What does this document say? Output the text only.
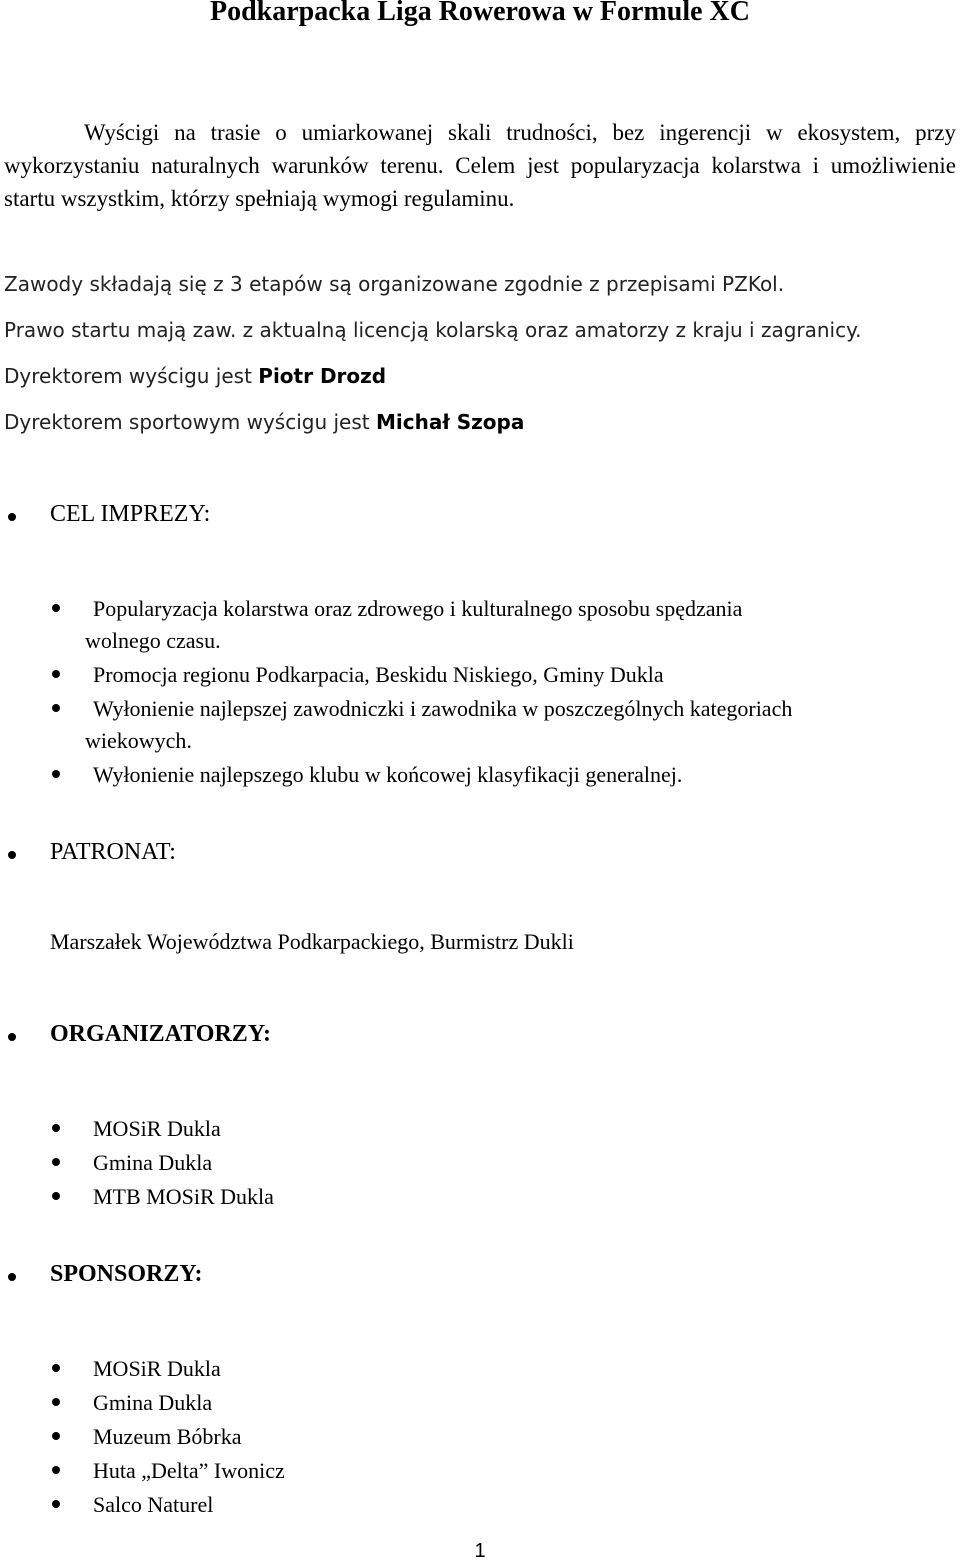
Podkarpacka Liga Rowerowa w Formule XC

Wyścigi na trasie o umiarkowanej skali trudności, bez ingerencji w ekosystem, przy wykorzystaniu naturalnych warunków terenu. Celem jest popularyzacja kolarstwa i umożliwienie startu wszystkim, którzy spełniają wymogi regulaminu.

Zawody składają się z 3 etapów są organizowane zgodnie z przepisami PZKol.

Prawo startu mają zaw. z aktualną licencją kolarską oraz amatorzy z kraju i zagranicy.

Dyrektorem wyścigu jest Piotr Drozd

Dyrektorem sportowym wyścigu jest Michał Szopa

CEL IMPREZY:

Popularyzacja kolarstwa oraz zdrowego i kulturalnego sposobu spędzania
wolnego czasu.

Promocja regionu Podkarpacia, Beskidu Niskiego, Gminy Dukla

Wyłonienie najlepszej zawodniczki i zawodnika w poszczególnych kategoriach
wiekowych.

Wyłonienie najlepszego klubu w końcowej klasyfikacji generalnej.

PATRONAT:

Marszałek Województwa Podkarpackiego, Burmistrz Dukli

ORGANIZATORZY:

MOSiR Dukla

Gmina Dukla

MTB MOSiR Dukla

SPONSORZY:

MOSiR Dukla

Gmina Dukla

Muzeum Bóbrka

Huta „Delta” Iwonicz

Salco Naturel

1
